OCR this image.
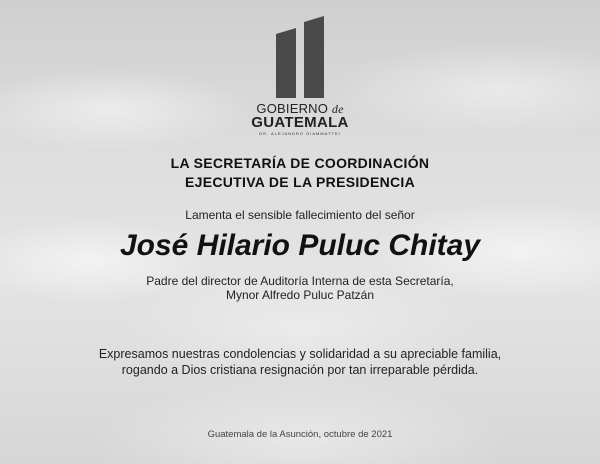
GOBIERNO de
GUATEMALA
DR. ALEJANDRO GIAMMATTEI
LA SECRETARÍA DE COORDINACIÓN
EJECUTIVA DE LA PRESIDENCIA
Lamenta el sensible fallecimiento del señor
José Hilario Puluc Chitay
Padre del director de Auditoría Interna de esta Secretaría,
Mynor Alfredo Puluc Patzán
Expresamos nuestras condolencias y solidaridad a su apreciable familia,
rogando a Dios cristiana resignación por tan irreparable pérdida.
Guatemala de la Asunción, octubre de 2021
